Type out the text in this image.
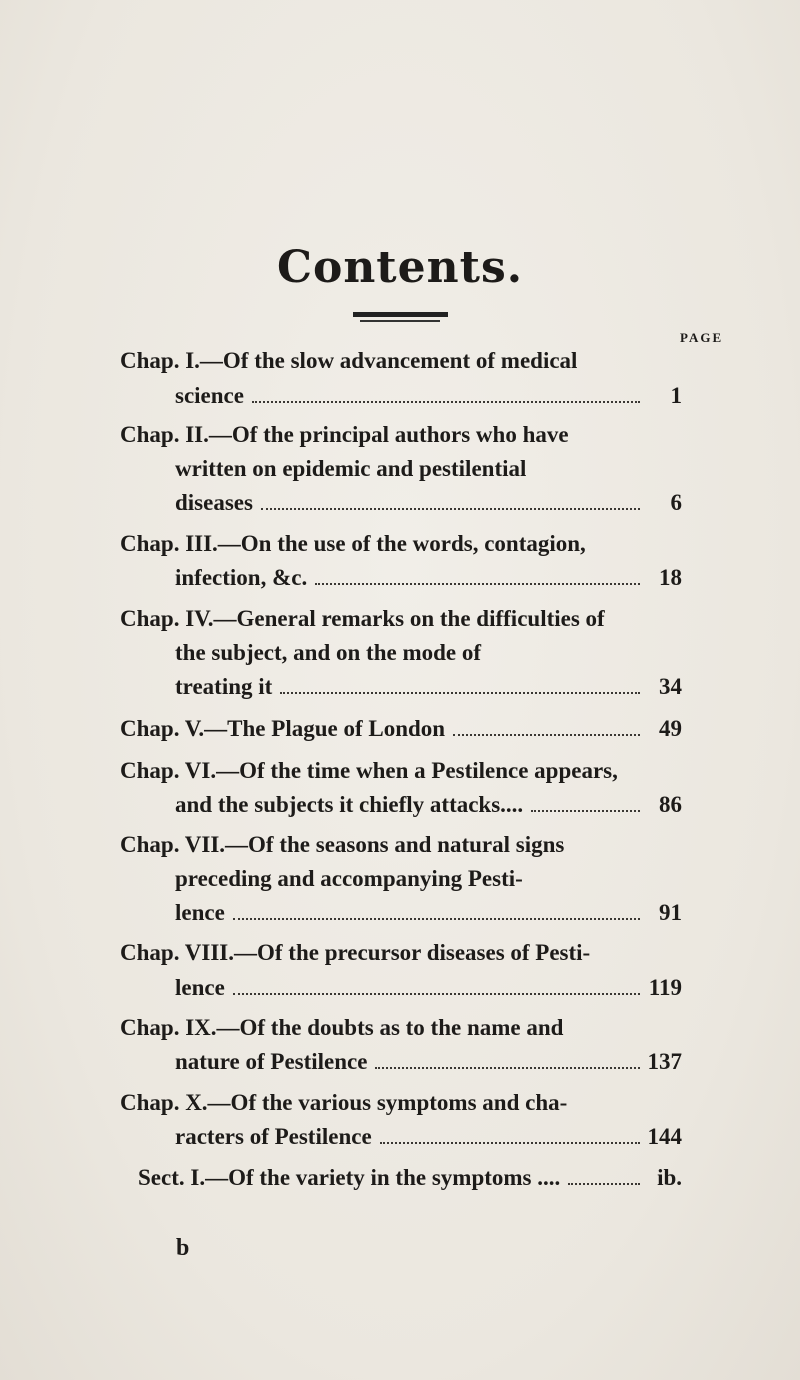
Contents.
PAGE
Chap. I.—Of the slow advancement of medical
science	1
Chap. II.—Of the principal authors who have
written on epidemic and pestilential
diseases	6
Chap. III.—On the use of the words, contagion,
infection, &c.	18
Chap. IV.—General remarks on the difficulties of
the subject, and on the mode of
treating it	34
Chap. V.—The Plague of London	49
Chap. VI.—Of the time when a Pestilence appears,
and the subjects it chiefly attacks....	86
Chap. VII.—Of the seasons and natural signs
preceding and accompanying Pesti-
lence	91
Chap. VIII.—Of the precursor diseases of Pesti-
lence	119
Chap. IX.—Of the doubts as to the name and
nature of Pestilence	137
Chap. X.—Of the various symptoms and cha-
racters of Pestilence	144
Sect. I.—Of the variety in the symptoms ....	ib.
b
